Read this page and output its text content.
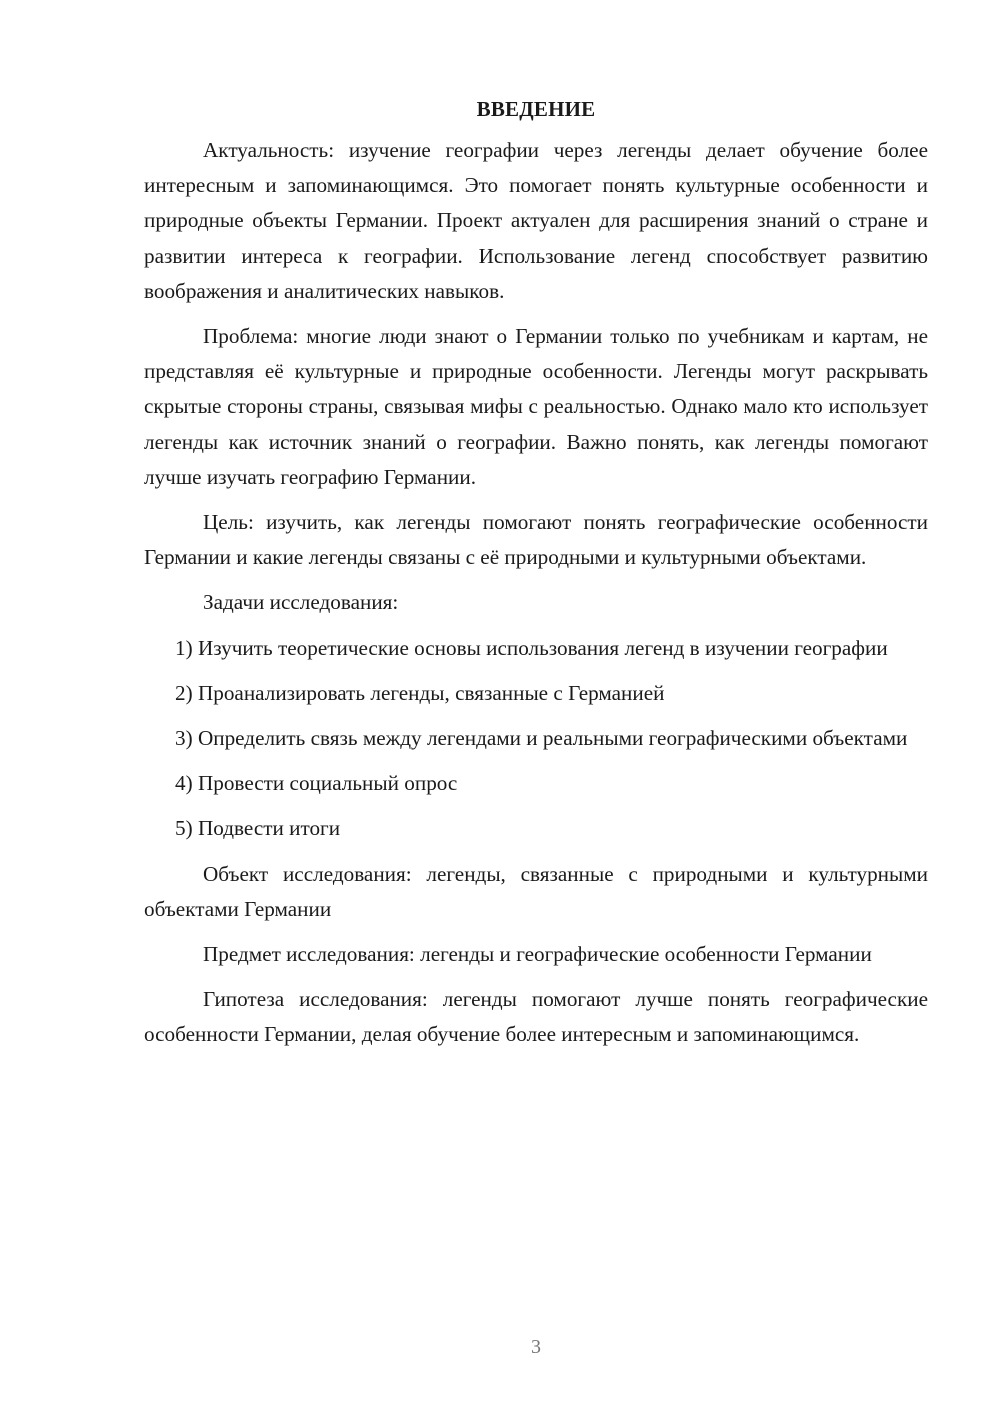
ВВЕДЕНИЕ

Актуальность: изучение географии через легенды делает обучение более интересным и запоминающимся. Это помогает понять культурные особенности и природные объекты Германии. Проект актуален для расширения знаний о стране и развитии интереса к географии. Использование легенд способствует развитию воображения и аналитических навыков.

Проблема: многие люди знают о Германии только по учебникам и картам, не представляя её культурные и природные особенности. Легенды могут раскрывать скрытые стороны страны, связывая мифы с реальностью. Однако мало кто использует легенды как источник знаний о географии. Важно понять, как легенды помогают лучше изучать географию Германии.

Цель: изучить, как легенды помогают понять географические особенности Германии и какие легенды связаны с её природными и культурными объектами.

Задачи исследования:

1) Изучить теоретические основы использования легенд в изучении географии

2) Проанализировать легенды, связанные с Германией

3) Определить связь между легендами и реальными географическими объектами

4) Провести социальный опрос

5) Подвести итоги

Объект исследования: легенды, связанные с природными и культурными объектами Германии

Предмет исследования: легенды и географические особенности Германии

Гипотеза исследования: легенды помогают лучше понять географические особенности Германии, делая обучение более интересным и запоминающимся.

3
